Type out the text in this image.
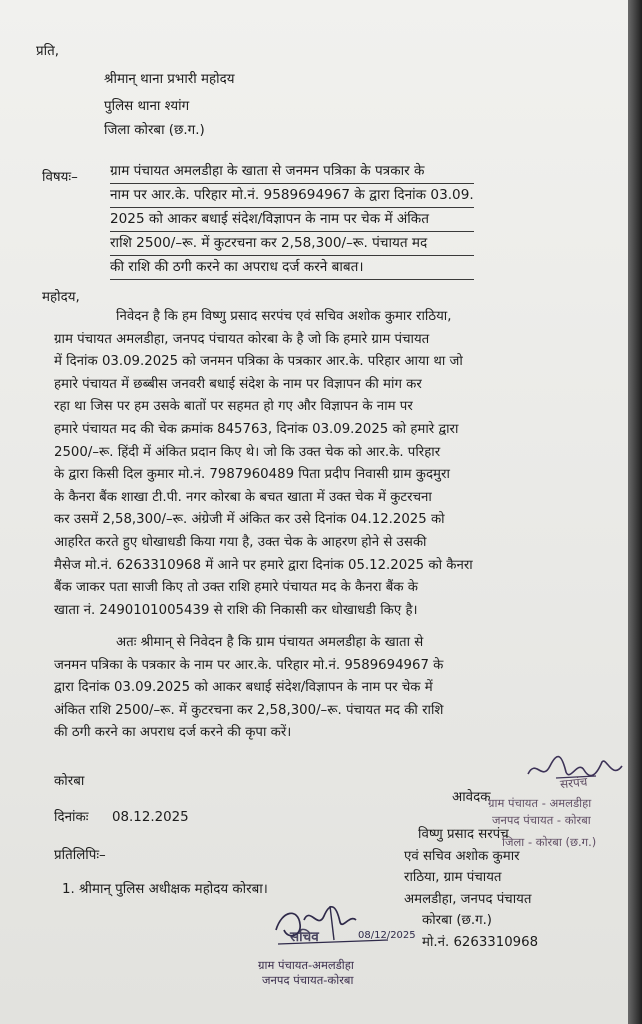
प्रति,
श्रीमान् थाना प्रभारी महोदय
पुलिस थाना श्यांग
जिला कोरबा (छ.ग.)
विषयः– ग्राम पंचायत अमलडीहा के खाता से जनमन पत्रिका के पत्रकार के
नाम पर आर.के. परिहार मो.नं. 9589694967 के द्वारा दिनांक 03.09.
2025 को आकर बधाई संदेश/विज्ञापन के नाम पर चेक में अंकित
राशि 2500/–रू. में कुटरचना कर 2,58,300/–रू. पंचायत मद
की राशि की ठगी करने का अपराध दर्ज करने बाबत।
महोदय,
निवेदन है कि हम विष्णु प्रसाद सरपंच एवं सचिव अशोक कुमार राठिया,
ग्राम पंचायत अमलडीहा, जनपद पंचायत कोरबा के है जो कि हमारे ग्राम पंचायत
में दिनांक 03.09.2025 को जनमन पत्रिका के पत्रकार आर.के. परिहार आया था जो
हमारे पंचायत में छब्बीस जनवरी बधाई संदेश के नाम पर विज्ञापन की मांग कर
रहा था जिस पर हम उसके बातों पर सहमत हो गए और विज्ञापन के नाम पर
हमारे पंचायत मद की चेक क्रमांक 845763, दिनांक 03.09.2025 को हमारे द्वारा
2500/–रू. हिंदी में अंकित प्रदान किए थे। जो कि उक्त चेक को आर.के. परिहार
के द्वारा किसी दिल कुमार मो.नं. 7987960489 पिता प्रदीप निवासी ग्राम कुदमुरा
के कैनरा बैंक शाखा टी.पी. नगर कोरबा के बचत खाता में उक्त चेक में कुटरचना
कर उसमें 2,58,300/–रू. अंग्रेजी में अंकित कर उसे दिनांक 04.12.2025 को
आहरित करते हुए धोखाधडी किया गया है, उक्त चेक के आहरण होने से उसकी
मैसेज मो.नं. 6263310968 में आने पर हमारे द्वारा दिनांक 05.12.2025 को कैनरा
बैंक जाकर पता साजी किए तो उक्त राशि हमारे पंचायत मद के कैनरा बैंक के
खाता नं. 2490101005439 से राशि की निकासी कर धोखाधडी किए है।
अतः श्रीमान् से निवेदन है कि ग्राम पंचायत अमलडीहा के खाता से
जनमन पत्रिका के पत्रकार के नाम पर आर.के. परिहार मो.नं. 9589694967 के
द्वारा दिनांक 03.09.2025 को आकर बधाई संदेश/विज्ञापन के नाम पर चेक में
अंकित राशि 2500/–रू. में कुटरचना कर 2,58,300/–रू. पंचायत मद की राशि
की ठगी करने का अपराध दर्ज करने की कृपा करें।
कोरबा
दिनांकः 08.12.2025
प्रतिलिपिः–
1. श्रीमान् पुलिस अधीक्षक महोदय कोरबा।
आवेदक
सरपंच
ग्राम पंचायत - अमलडीहा
जनपद पंचायत - कोरबा
जिला - कोरबा (छ.ग.)
विष्णु प्रसाद सरपंच
एवं सचिव अशोक कुमार
राठिया, ग्राम पंचायत
अमलडीहा, जनपद पंचायत
कोरबा (छ.ग.)
मो.नं. 6263310968
08/12/2025
सचिव
ग्राम पंचायत-अमलडीहा
जनपद पंचायत-कोरबा
